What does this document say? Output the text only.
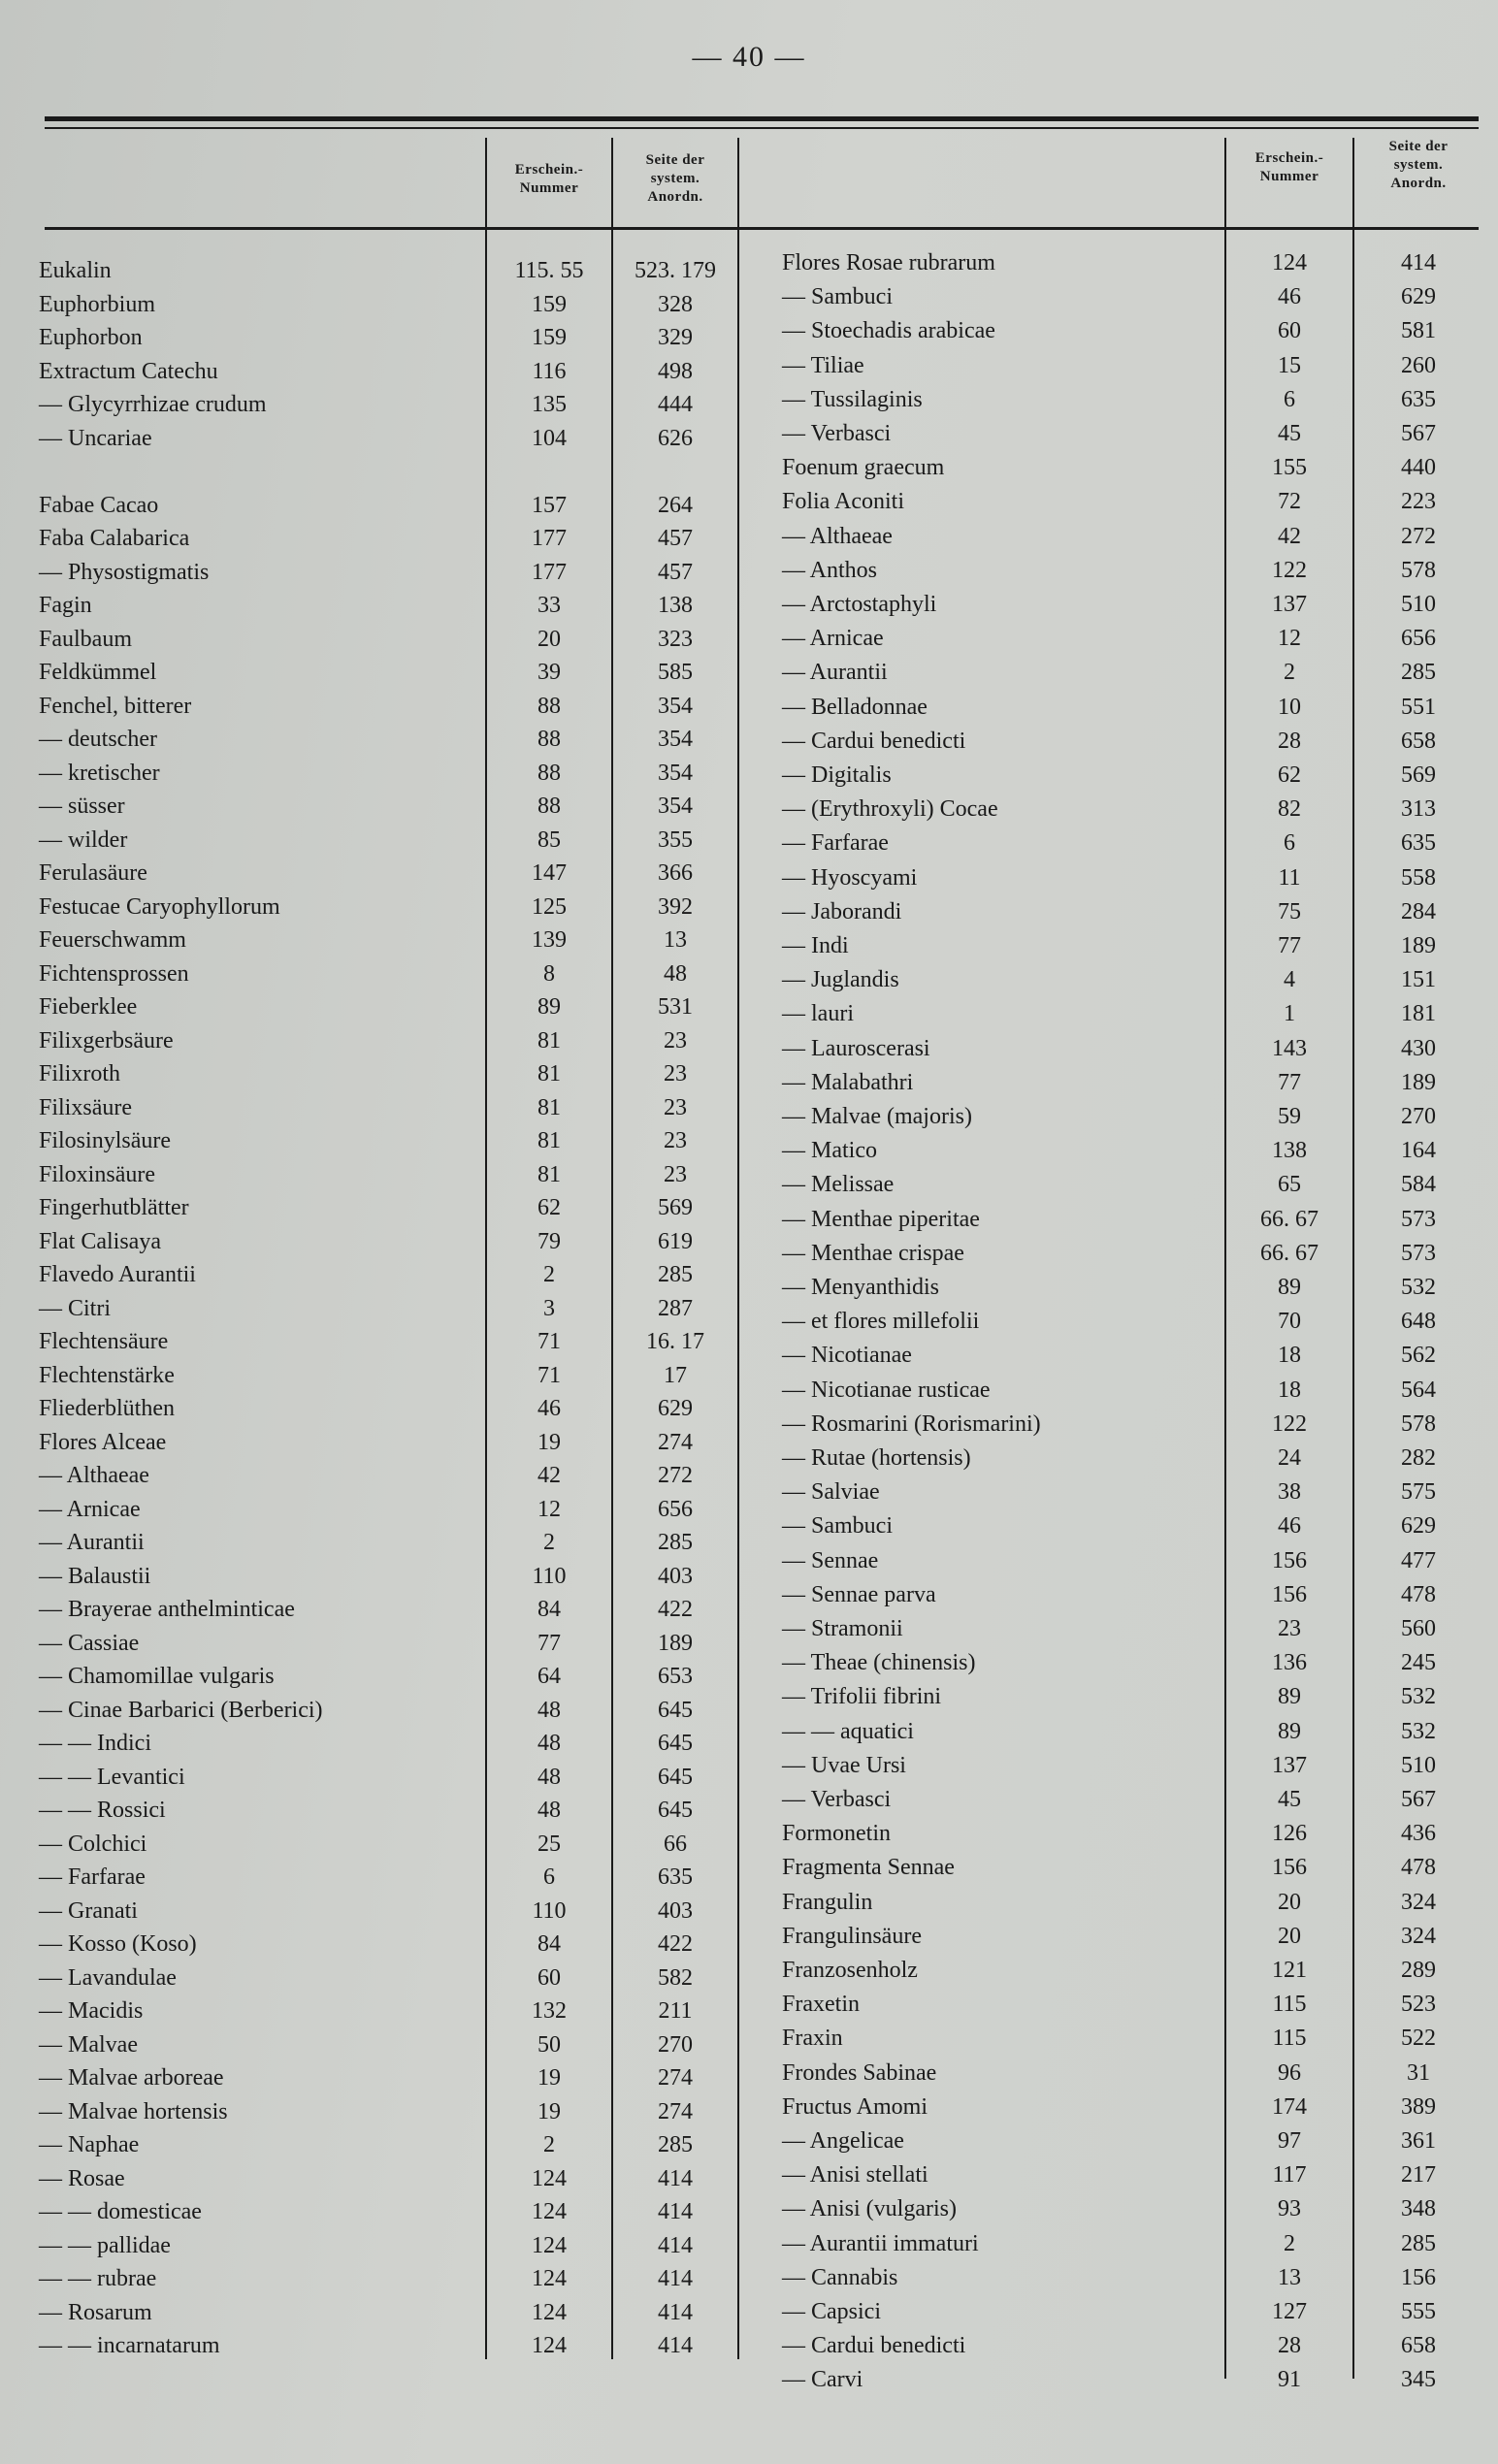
— 40 —
Erschein.-
Nummer
Seite der
system.
Anordn.
Erschein.-
Nummer
Seite der
system.
Anordn.
Eukalin	115. 55	523. 179
Euphorbium	159	328
Euphorbon	159	329
Extractum Catechu	116	498
— Glycyrrhizae crudum	135	444
— Uncariae	104	626
Fabae Cacao	157	264
Faba Calabarica	177	457
— Physostigmatis	177	457
Fagin	33	138
Faulbaum	20	323
Feldkümmel	39	585
Fenchel, bitterer	88	354
— deutscher	88	354
— kretischer	88	354
— süsser	88	354
— wilder	85	355
Ferulasäure	147	366
Festucae Caryophyllorum	125	392
Feuerschwamm	139	13
Fichtensprossen	8	48
Fieberklee	89	531
Filixgerbsäure	81	23
Filixroth	81	23
Filixsäure	81	23
Filosinylsäure	81	23
Filoxinsäure	81	23
Fingerhutblätter	62	569
Flat Calisaya	79	619
Flavedo Aurantii	2	285
— Citri	3	287
Flechtensäure	71	16. 17
Flechtenstärke	71	17
Fliederblüthen	46	629
Flores Alceae	19	274
— Althaeae	42	272
— Arnicae	12	656
— Aurantii	2	285
— Balaustii	110	403
— Brayerae anthelminticae	84	422
— Cassiae	77	189
— Chamomillae vulgaris	64	653
— Cinae Barbarici (Berberici)	48	645
— — Indici	48	645
— — Levantici	48	645
— — Rossici	48	645
— Colchici	25	66
— Farfarae	6	635
— Granati	110	403
— Kosso (Koso)	84	422
— Lavandulae	60	582
— Macidis	132	211
— Malvae	50	270
— Malvae arboreae	19	274
— Malvae hortensis	19	274
— Naphae	2	285
— Rosae	124	414
— — domesticae	124	414
— — pallidae	124	414
— — rubrae	124	414
— Rosarum	124	414
— — incarnatarum	124	414
Flores Rosae rubrarum	124	414
— Sambuci	46	629
— Stoechadis arabicae	60	581
— Tiliae	15	260
— Tussilaginis	6	635
— Verbasci	45	567
Foenum graecum	155	440
Folia Aconiti	72	223
— Althaeae	42	272
— Anthos	122	578
— Arctostaphyli	137	510
— Arnicae	12	656
— Aurantii	2	285
— Belladonnae	10	551
— Cardui benedicti	28	658
— Digitalis	62	569
— (Erythroxyli) Cocae	82	313
— Farfarae	6	635
— Hyoscyami	11	558
— Jaborandi	75	284
— Indi	77	189
— Juglandis	4	151
— lauri	1	181
— Lauroscerasi	143	430
— Malabathri	77	189
— Malvae (majoris)	59	270
— Matico	138	164
— Melissae	65	584
— Menthae piperitae	66. 67	573
— Menthae crispae	66. 67	573
— Menyanthidis	89	532
— et flores millefolii	70	648
— Nicotianae	18	562
— Nicotianae rusticae	18	564
— Rosmarini (Rorismarini)	122	578
— Rutae (hortensis)	24	282
— Salviae	38	575
— Sambuci	46	629
— Sennae	156	477
— Sennae parva	156	478
— Stramonii	23	560
— Theae (chinensis)	136	245
— Trifolii fibrini	89	532
— — aquatici	89	532
— Uvae Ursi	137	510
— Verbasci	45	567
Formonetin	126	436
Fragmenta Sennae	156	478
Frangulin	20	324
Frangulinsäure	20	324
Franzosenholz	121	289
Fraxetin	115	523
Fraxin	115	522
Frondes Sabinae	96	31
Fructus Amomi	174	389
— Angelicae	97	361
— Anisi stellati	117	217
— Anisi (vulgaris)	93	348
— Aurantii immaturi	2	285
— Cannabis	13	156
— Capsici	127	555
— Cardui benedicti	28	658
— Carvi	91	345
